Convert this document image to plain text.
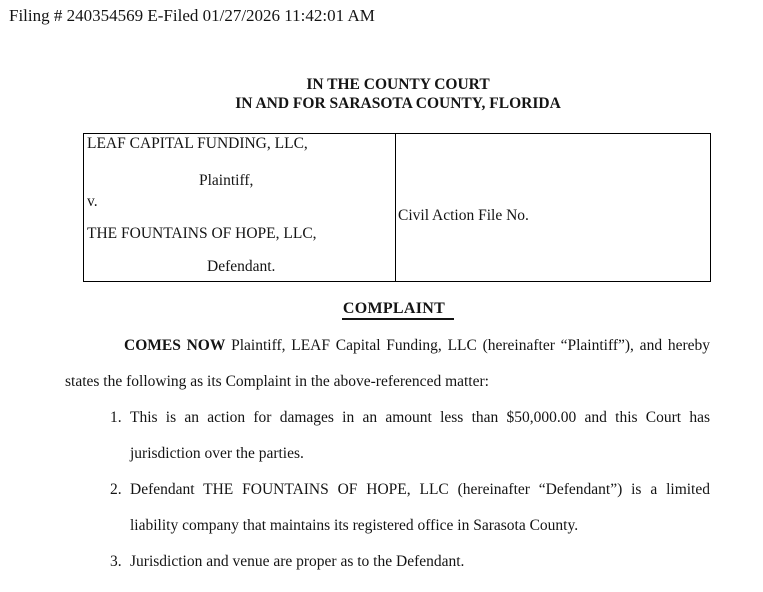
Filing # 240354569 E-Filed 01/27/2026 11:42:01 AM
IN THE COUNTY COURT
IN AND FOR SARASOTA COUNTY, FLORIDA
LEAF CAPITAL FUNDING, LLC,
Plaintiff,
v.
THE FOUNTAINS OF HOPE, LLC,
Defendant.
Civil Action File No.
COMPLAINT

COMES NOW Plaintiff, LEAF Capital Funding, LLC (hereinafter “Plaintiff”), and hereby states the following as its Complaint in the above-referenced matter:

1. This is an action for damages in an amount less than $50,000.00 and this Court has jurisdiction over the parties.
2. Defendant THE FOUNTAINS OF HOPE, LLC (hereinafter “Defendant”) is a limited liability company that maintains its registered office in Sarasota County.
3. Jurisdiction and venue are proper as to the Defendant.
